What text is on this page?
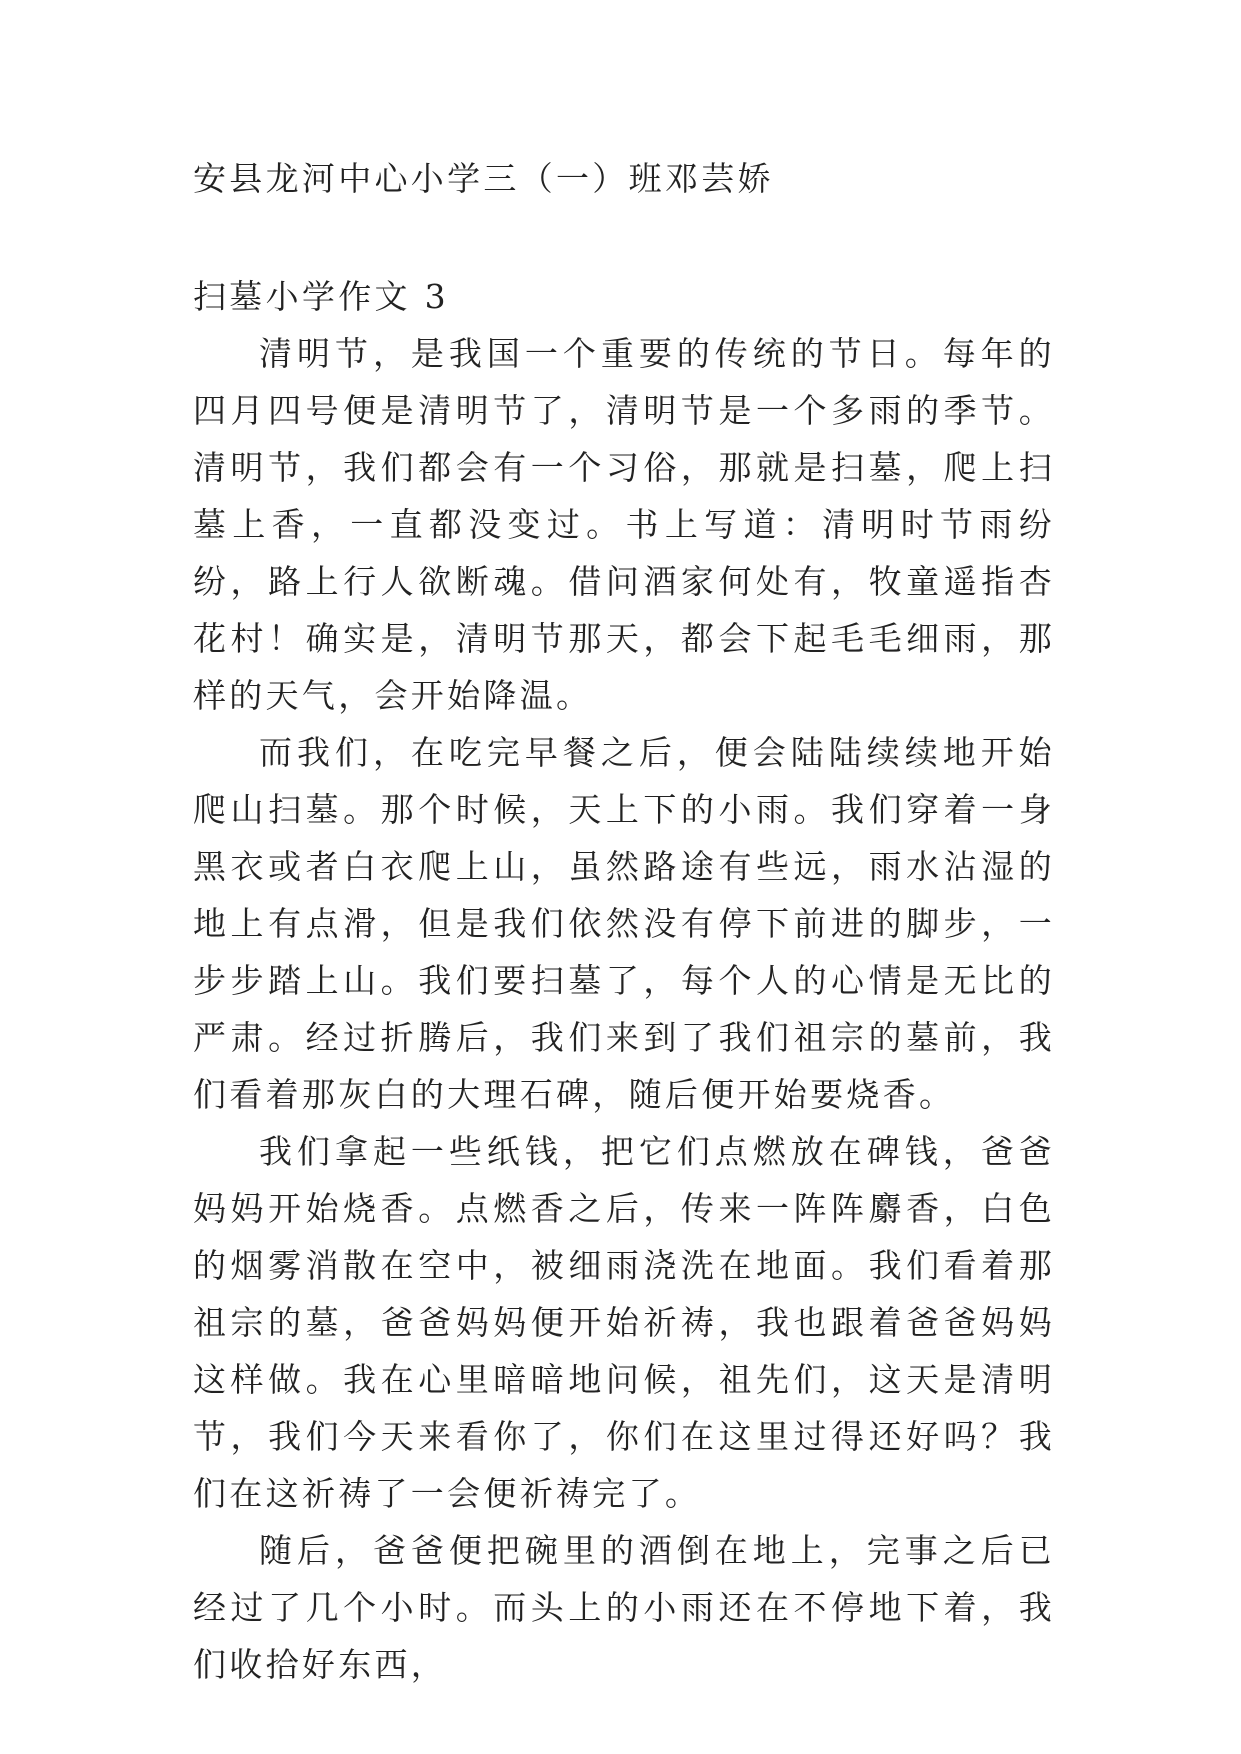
安县龙河中心小学三（一）班邓芸娇

扫墓小学作文 3

清明节，是我国一个重要的传统的节日。每年的四月四号便是清明节了，清明节是一个多雨的季节。清明节，我们都会有一个习俗，那就是扫墓，爬上扫墓上香，一直都没变过。书上写道：清明时节雨纷纷，路上行人欲断魂。借问酒家何处有，牧童遥指杏花村！确实是，清明节那天，都会下起毛毛细雨，那样的天气，会开始降温。

而我们，在吃完早餐之后，便会陆陆续续地开始爬山扫墓。那个时候，天上下的小雨。我们穿着一身黑衣或者白衣爬上山，虽然路途有些远，雨水沾湿的地上有点滑，但是我们依然没有停下前进的脚步，一步步踏上山。我们要扫墓了，每个人的心情是无比的严肃。经过折腾后，我们来到了我们祖宗的墓前，我们看着那灰白的大理石碑，随后便开始要烧香。

我们拿起一些纸钱，把它们点燃放在碑钱，爸爸妈妈开始烧香。点燃香之后，传来一阵阵麝香，白色的烟雾消散在空中，被细雨浇洗在地面。我们看着那祖宗的墓，爸爸妈妈便开始祈祷，我也跟着爸爸妈妈这样做。我在心里暗暗地问候，祖先们，这天是清明节，我们今天来看你了，你们在这里过得还好吗？我们在这祈祷了一会便祈祷完了。

随后，爸爸便把碗里的酒倒在地上，完事之后已经过了几个小时。而头上的小雨还在不停地下着，我们收拾好东西，
